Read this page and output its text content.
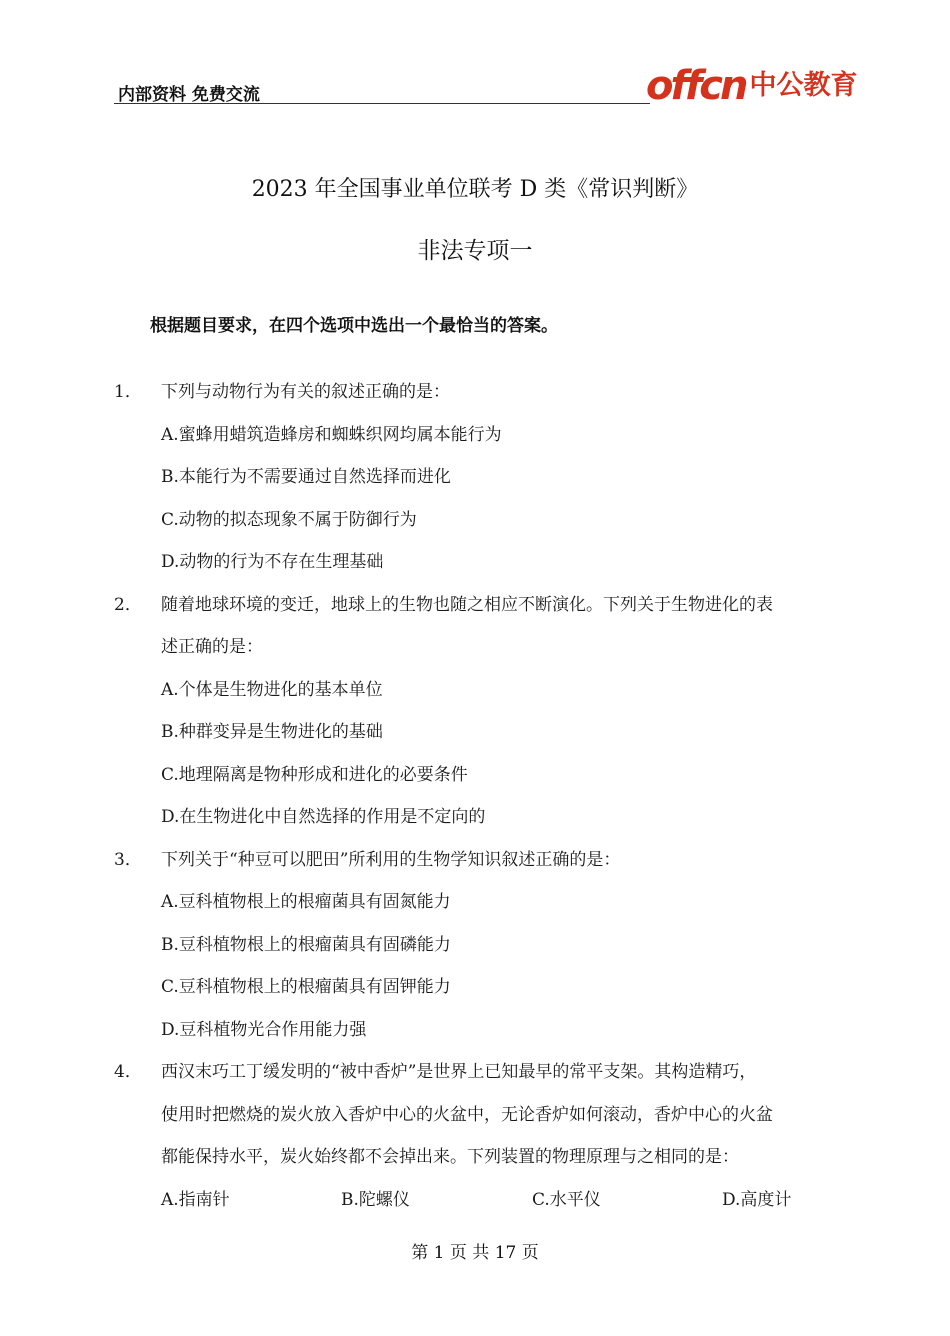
内部资料 免费交流	offcn 中公教育
2023 年全国事业单位联考 D 类《常识判断》
非法专项一
根据题目要求，在四个选项中选出一个最恰当的答案。
1． 下列与动物行为有关的叙述正确的是：
A.蜜蜂用蜡筑造蜂房和蜘蛛织网均属本能行为
B.本能行为不需要通过自然选择而进化
C.动物的拟态现象不属于防御行为
D.动物的行为不存在生理基础
2． 随着地球环境的变迁，地球上的生物也随之相应不断演化。下列关于生物进化的表
述正确的是：
A.个体是生物进化的基本单位
B.种群变异是生物进化的基础
C.地理隔离是物种形成和进化的必要条件
D.在生物进化中自然选择的作用是不定向的
3． 下列关于“种豆可以肥田”所利用的生物学知识叙述正确的是：
A.豆科植物根上的根瘤菌具有固氮能力
B.豆科植物根上的根瘤菌具有固磷能力
C.豆科植物根上的根瘤菌具有固钾能力
D.豆科植物光合作用能力强
4． 西汉末巧工丁缓发明的“被中香炉”是世界上已知最早的常平支架。其构造精巧，
使用时把燃烧的炭火放入香炉中心的火盆中，无论香炉如何滚动，香炉中心的火盆
都能保持水平，炭火始终都不会掉出来。下列装置的物理原理与之相同的是：
A.指南针	B.陀螺仪	C.水平仪	D.高度计
第 1 页 共 17 页
